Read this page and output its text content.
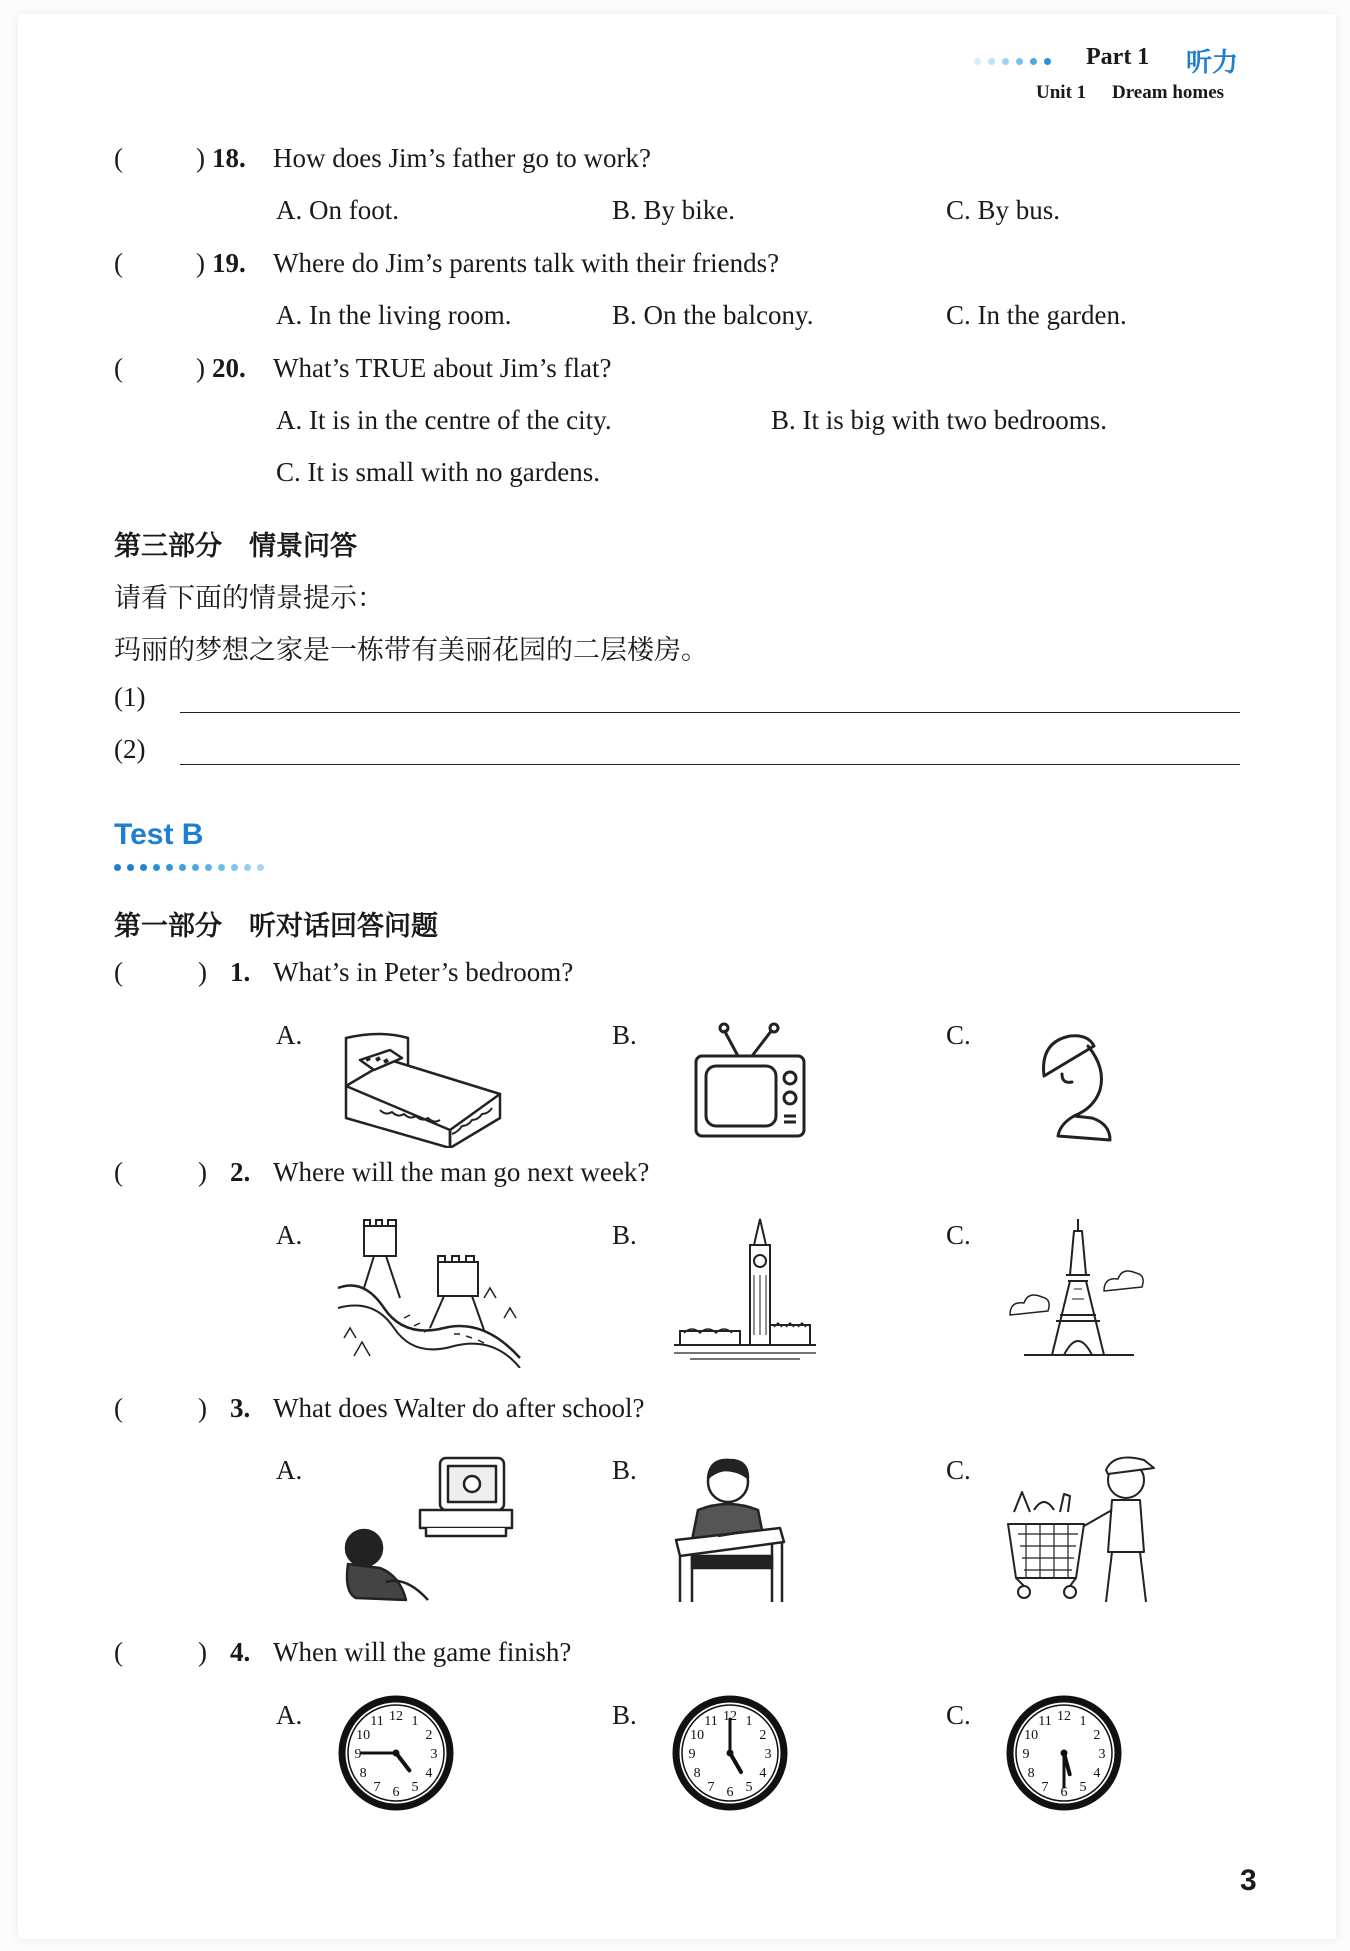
Part 1 听力
Unit 1 Dream homes
(	) 18. How does Jim’s father go to work?
A. On foot.	B. By bike.	C. By bus.
(	) 19. Where do Jim’s parents talk with their friends?
A. In the living room.	B. On the balcony.	C. In the garden.
(	) 20. What’s TRUE about Jim’s flat?
A. It is in the centre of the city.	B. It is big with two bedrooms.
C. It is small with no gardens.
第三部分　情景问答
请看下面的情景提示：
玛丽的梦想之家是一栋带有美丽花园的二层楼房。
(1)
(2)
Test B
第一部分　听对话回答问题
(	) 1. What’s in Peter’s bedroom?
A.	B.	C.
(	) 2. Where will the man go next week?
A.	B.	C.
(	) 3. What does Walter do after school?
A.	B.	C.
(	) 4. When will the game finish?
A.	B.	C.
12 1
2
3
4
5
6
7
8
9
10
11	12 1
2
3
4
5
6
7
8
9
10
11	12 1
2
3
4
5
6
7
8
9
10
11
3
